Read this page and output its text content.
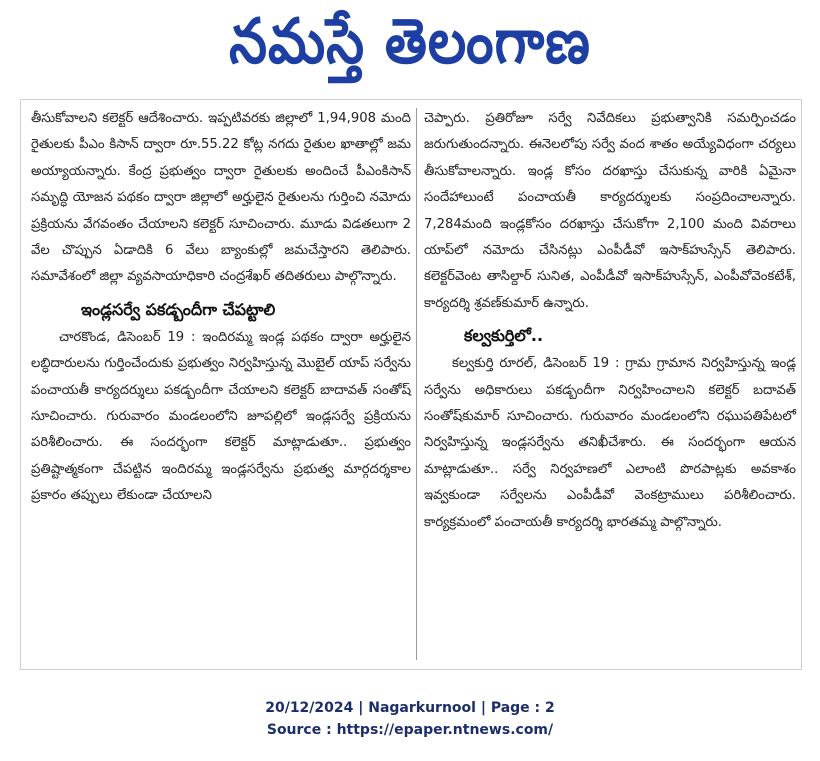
నమస్తే తెలంగాణ

తీసుకోవాలని కలెక్టర్ ఆదేశించారు. ఇప్పటివరకు జిల్లాలో 1,94,908 మంది రైతులకు పీఎం కిసాన్ ద్వారా రూ.55.22 కోట్ల నగదు రైతుల ఖాతాల్లో జమ అయ్యాయన్నారు. కేంద్ర ప్రభుత్వం ద్వారా రైతులకు అందించే పీఎంకిసాన్ సమృద్ధి యోజన పథకం ద్వారా జిల్లాలో అర్హులైన రైతులను గుర్తించి నమోదు ప్రక్రియను వేగవంతం చేయాలని కలెక్టర్ సూచించారు. మూడు విడతలుగా 2 వేల చొప్పున ఏడాదికి 6 వేలు బ్యాంకుల్లో జమచేస్తారని తెలిపారు. సమావేశంలో జిల్లా వ్యవసాయాధికారి చంద్రశేఖర్ తదితరులు పాల్గొన్నారు.

ఇండ్లసర్వే పకడ్బందీగా చేపట్టాలి

చారకొండ, డిసెంబర్ 19 : ఇందిరమ్మ ఇండ్ల పథకం ద్వారా అర్హులైన లబ్ధిదారులను గుర్తించేందుకు ప్రభుత్వం నిర్వహిస్తున్న మొబైల్ యాప్ సర్వేను పంచాయతీ కార్యదర్శులు పకడ్బందీగా చేయాలని కలెక్టర్ బాదావత్ సంతోష్ సూచించారు. గురువారం మండలంలోని జూపల్లిలో ఇండ్లసర్వే ప్రక్రియను పరిశీలించారు. ఈ సందర్భంగా కలెక్టర్ మాట్లాడుతూ.. ప్రభుత్వం ప్రతిష్టాత్మకంగా చేపట్టిన ఇందిరమ్మ ఇండ్లసర్వేను ప్రభుత్వ మార్గదర్శకాల ప్రకారం తప్పులు లేకుండా చేయాలని

చెప్పారు. ప్రతిరోజూ సర్వే నివేదికలు ప్రభుత్వానికి సమర్పించడం జరుగుతుందన్నారు. ఈనెలలోపు సర్వే వంద శాతం అయ్యేవిధంగా చర్యలు తీసుకోవాలన్నారు. ఇండ్ల కోసం దరఖాస్తు చేసుకున్న వారికి ఏమైనా సందేహాలుంటే పంచాయతీ కార్యదర్శులకు సంప్రదించాలన్నారు. 7,284మంది ఇండ్లకోసం దరఖాస్తు చేసుకోగా 2,100 మంది వివరాలు యాప్‌లో నమోదు చేసినట్లు ఎంపీడీవో ఇసాక్‌హుస్సేన్ తెలిపారు. కలెక్టర్‌వెంట తాసిల్దార్ సునిత, ఎంపీడీవో ఇసాక్‌హుస్సేన్, ఎంపీవోవెంకటేశ్, కార్యదర్శి శ్రవణ్‌కుమార్ ఉన్నారు.

కల్వకుర్తిలో..

కల్వకుర్తి రూరల్, డిసెంబర్ 19 : గ్రామ గ్రామాన నిర్వహిస్తున్న ఇండ్ల సర్వేను అధికారులు పకడ్బందీగా నిర్వహించాలని కలెక్టర్ బదావత్ సంతోష్‌కుమార్ సూచించారు. గురువారం మండలంలోని రఘుపతిపేటలో నిర్వహిస్తున్న ఇండ్లసర్వేను తనిఖీచేశారు. ఈ సందర్భంగా ఆయన మాట్లాడుతూ.. సర్వే నిర్వహణలో ఎలాంటి పొరపాట్లకు అవకాశం ఇవ్వకుండా సర్వేలను ఎంపీడీవో వెంకట్రాములు పరిశీలించారు. కార్యక్రమంలో పంచాయతీ కార్యదర్శి భారతమ్మ పాల్గొన్నారు.

20/12/2024 | Nagarkurnool | Page : 2
Source : https://epaper.ntnews.com/
